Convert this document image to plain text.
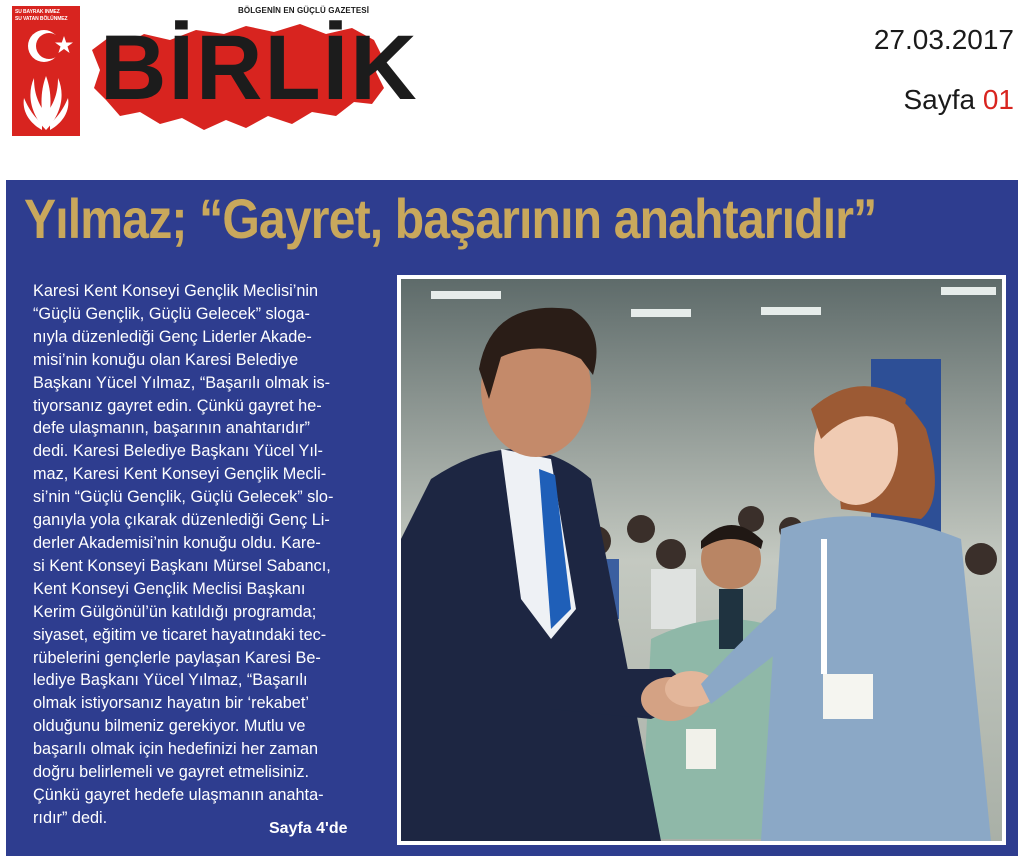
SU BAYRAK INMEZ
SU VATAN BÖLÜNMEZ
BÖLGENİN EN GÜÇLÜ GAZETESİ
BİRLİK	27.03.2017
Sayfa 01
Yılmaz; “Gayret, başarının anahtarıdır”

Karesi Kent Konseyi Gençlik Meclisi’nin

“Güçlü Gençlik, Güçlü Gelecek” sloga-

nıyla düzenlediği Genç Liderler Akade-

misi’nin konuğu olan Karesi Belediye

Başkanı Yücel Yılmaz, “Başarılı olmak is-

tiyorsanız gayret edin. Çünkü gayret he-

defe ulaşmanın, başarının anahtarıdır”

dedi. Karesi Belediye Başkanı Yücel Yıl-

maz, Karesi Kent Konseyi Gençlik Mecli-

si’nin “Güçlü Gençlik, Güçlü Gelecek” slo-

ganıyla yola çıkarak düzenlediği Genç Li-

derler Akademisi’nin konuğu oldu. Kare-

si Kent Konseyi Başkanı Mürsel Sabancı,

Kent Konseyi Gençlik Meclisi Başkanı

Kerim Gülgönül’ün katıldığı programda;

siyaset, eğitim ve ticaret hayatındaki tec-

rübelerini gençlerle paylaşan Karesi Be-

lediye Başkanı Yücel Yılmaz, “Başarılı

olmak istiyorsanız hayatın bir ‘rekabet’

olduğunu bilmeniz gerekiyor. Mutlu ve

başarılı olmak için hedefinizi her zaman

doğru belirlemeli ve gayret etmelisiniz.

Çünkü gayret hedefe ulaşmanın anahta-

rıdır” dedi.

Sayfa 4'de
